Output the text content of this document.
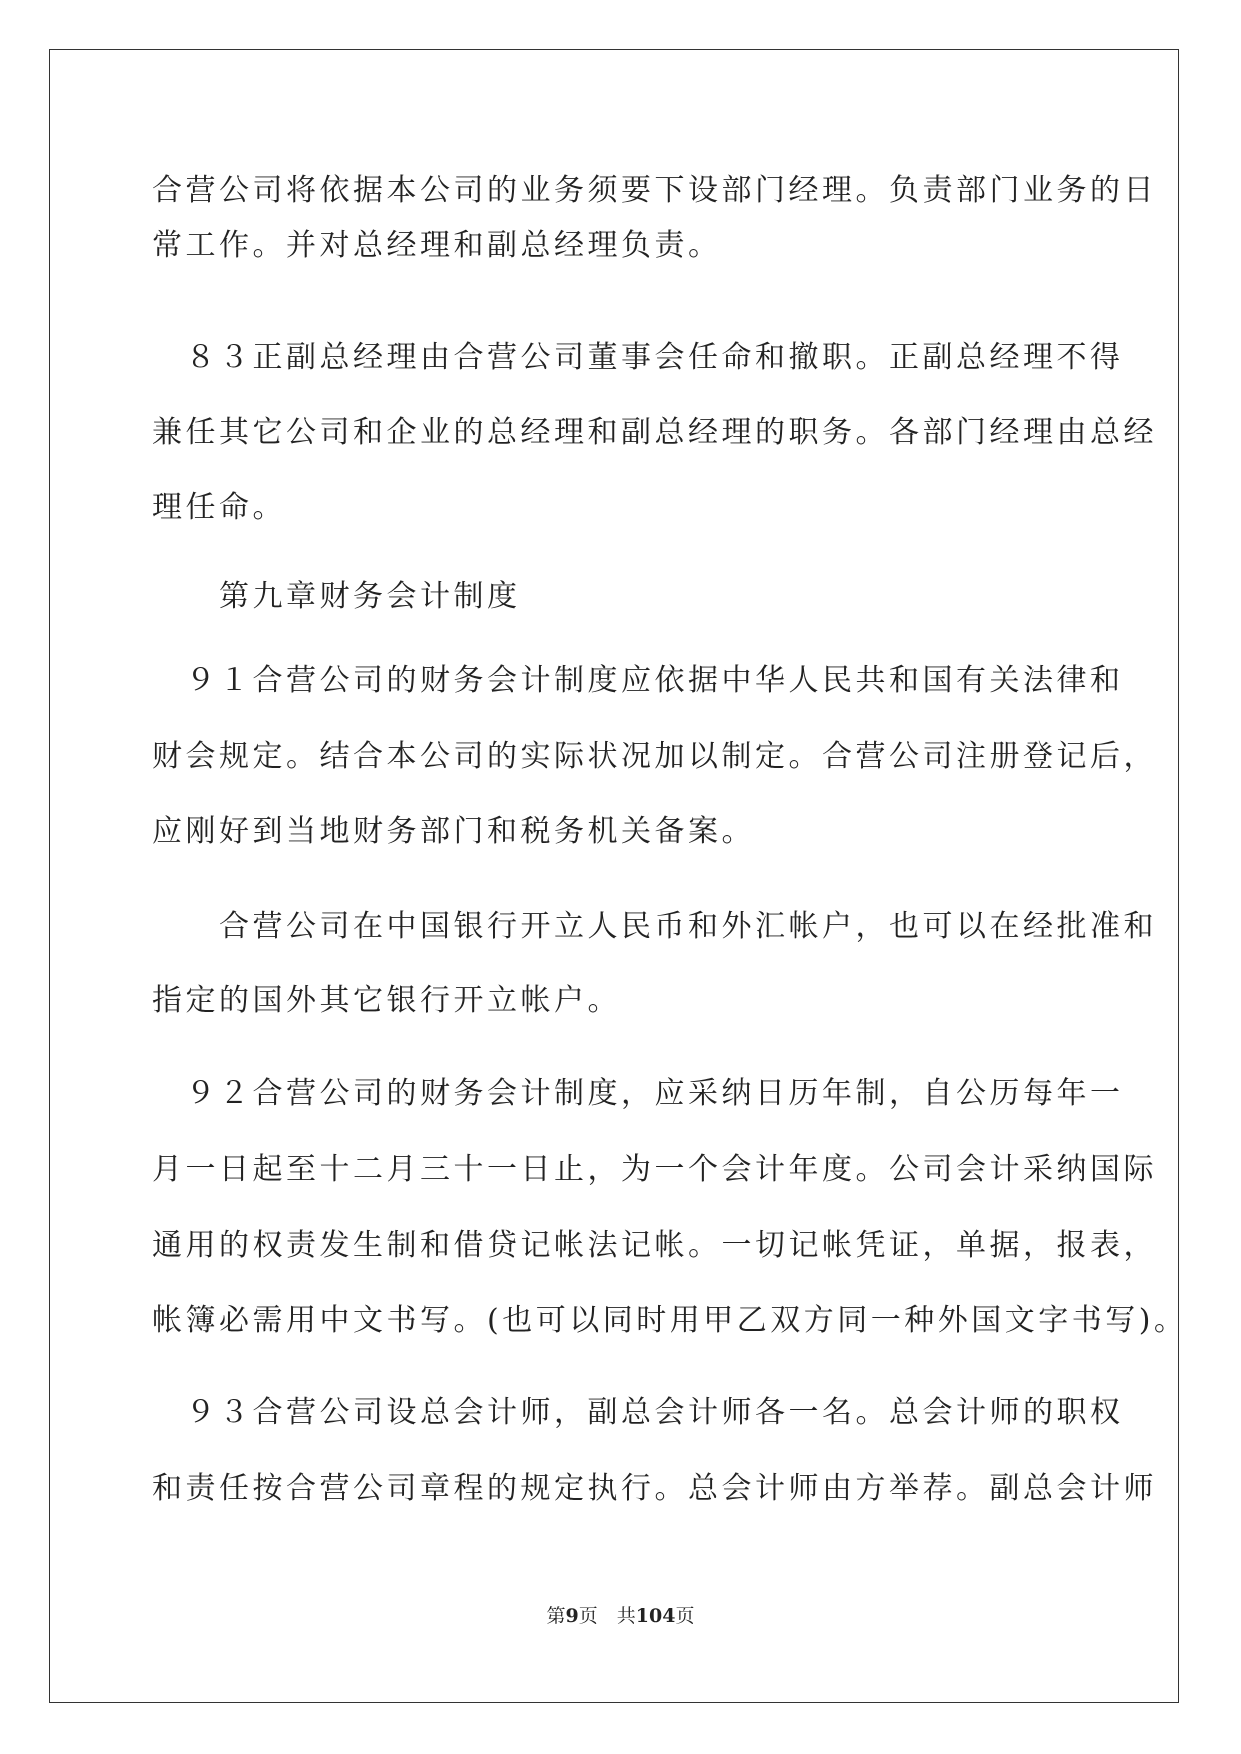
合营公司将依据本公司的业务须要下设部门经理。负责部门业务的日
常工作。并对总经理和副总经理负责。
　８３正副总经理由合营公司董事会任命和撤职。正副总经理不得
兼任其它公司和企业的总经理和副总经理的职务。各部门经理由总经
理任命。
　　第九章财务会计制度
　９１合营公司的财务会计制度应依据中华人民共和国有关法律和
财会规定。结合本公司的实际状况加以制定。合营公司注册登记后，
应刚好到当地财务部门和税务机关备案。
　　合营公司在中国银行开立人民币和外汇帐户，也可以在经批准和
指定的国外其它银行开立帐户。
　９２合营公司的财务会计制度，应采纳日历年制，自公历每年一
月一日起至十二月三十一日止，为一个会计年度。公司会计采纳国际
通用的权责发生制和借贷记帐法记帐。一切记帐凭证，单据，报表，
帐簿必需用中文书写。(也可以同时用甲乙双方同一种外国文字书写)。
　９３合营公司设总会计师，副总会计师各一名。总会计师的职权
和责任按合营公司章程的规定执行。总会计师由方举荐。副总会计师
第9页　共104页
